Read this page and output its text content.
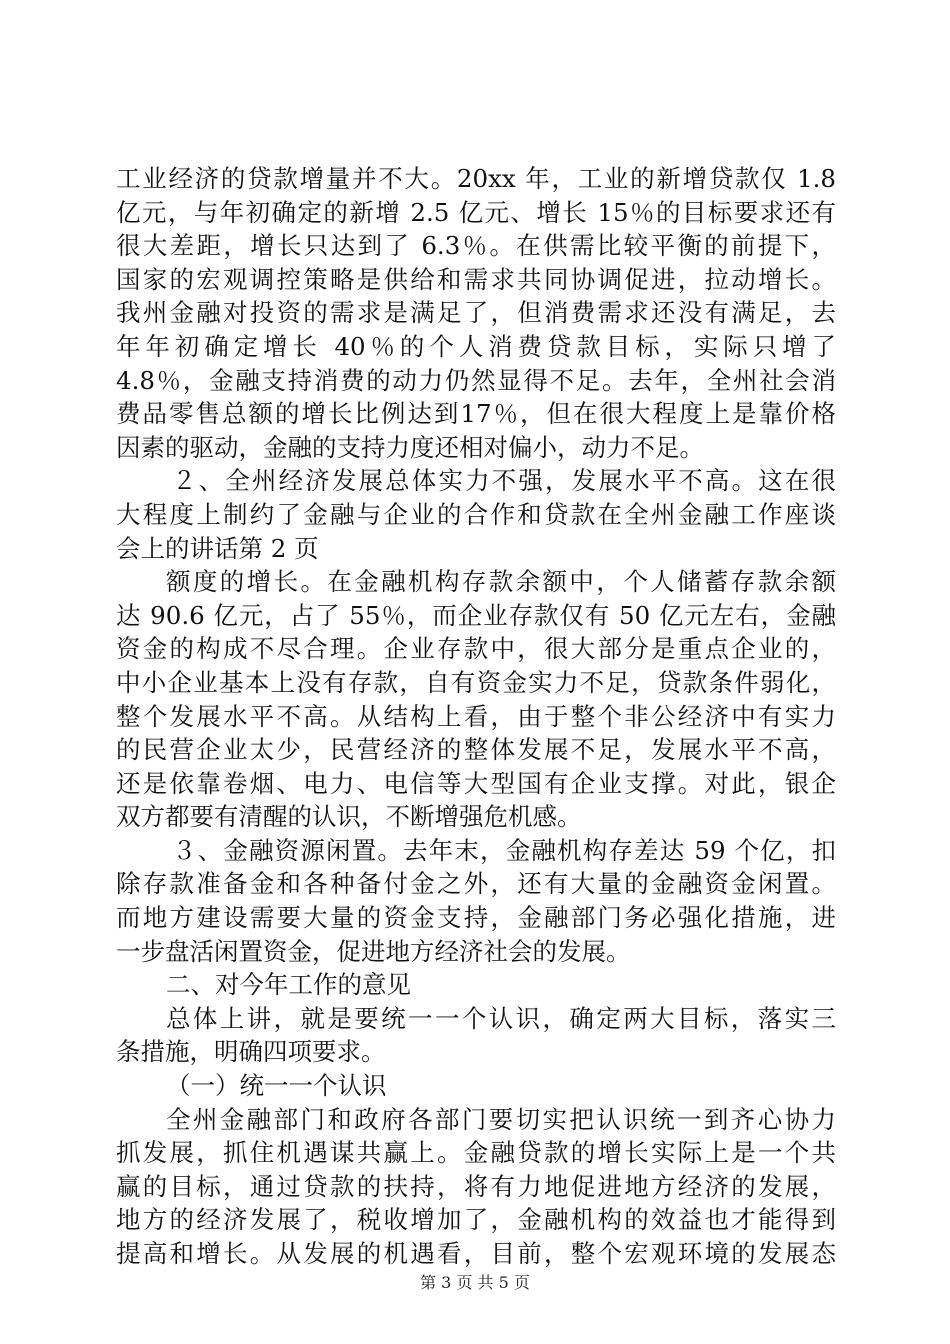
工业经济的贷款增量并不大。20xx 年，工业的新增贷款仅 1.8
亿元，与年初确定的新增 2.5 亿元、增长 15％的目标要求还有
很大差距，增长只达到了 6.3％。在供需比较平衡的前提下，
国家的宏观调控策略是供给和需求共同协调促进，拉动增长。
我州金融对投资的需求是满足了，但消费需求还没有满足，去
年年初确定增长 40％的个人消费贷款目标，实际只增了
4.8％，金融支持消费的动力仍然显得不足。去年，全州社会消
费品零售总额的增长比例达到17％，但在很大程度上是靠价格
因素的驱动，金融的支持力度还相对偏小，动力不足。
２、全州经济发展总体实力不强，发展水平不高。这在很
大程度上制约了金融与企业的合作和贷款在全州金融工作座谈
会上的讲话第 2 页
额度的增长。在金融机构存款余额中，个人储蓄存款余额
达 90.6 亿元，占了 55％，而企业存款仅有 50 亿元左右，金融
资金的构成不尽合理。企业存款中，很大部分是重点企业的，
中小企业基本上没有存款，自有资金实力不足，贷款条件弱化，
整个发展水平不高。从结构上看，由于整个非公经济中有实力
的民营企业太少，民营经济的整体发展不足，发展水平不高，
还是依靠卷烟、电力、电信等大型国有企业支撑。对此，银企
双方都要有清醒的认识，不断增强危机感。
３、金融资源闲置。去年末，金融机构存差达 59 个亿，扣
除存款准备金和各种备付金之外，还有大量的金融资金闲置。
而地方建设需要大量的资金支持，金融部门务必强化措施，进
一步盘活闲置资金，促进地方经济社会的发展。
二、对今年工作的意见
总体上讲，就是要统一一个认识，确定两大目标，落实三
条措施，明确四项要求。
（一）统一一个认识
全州金融部门和政府各部门要切实把认识统一到齐心协力
抓发展，抓住机遇谋共赢上。金融贷款的增长实际上是一个共
赢的目标，通过贷款的扶持，将有力地促进地方经济的发展，
地方的经济发展了，税收增加了，金融机构的效益也才能得到
提高和增长。从发展的机遇看，目前，整个宏观环境的发展态
第 3 页 共 5 页
